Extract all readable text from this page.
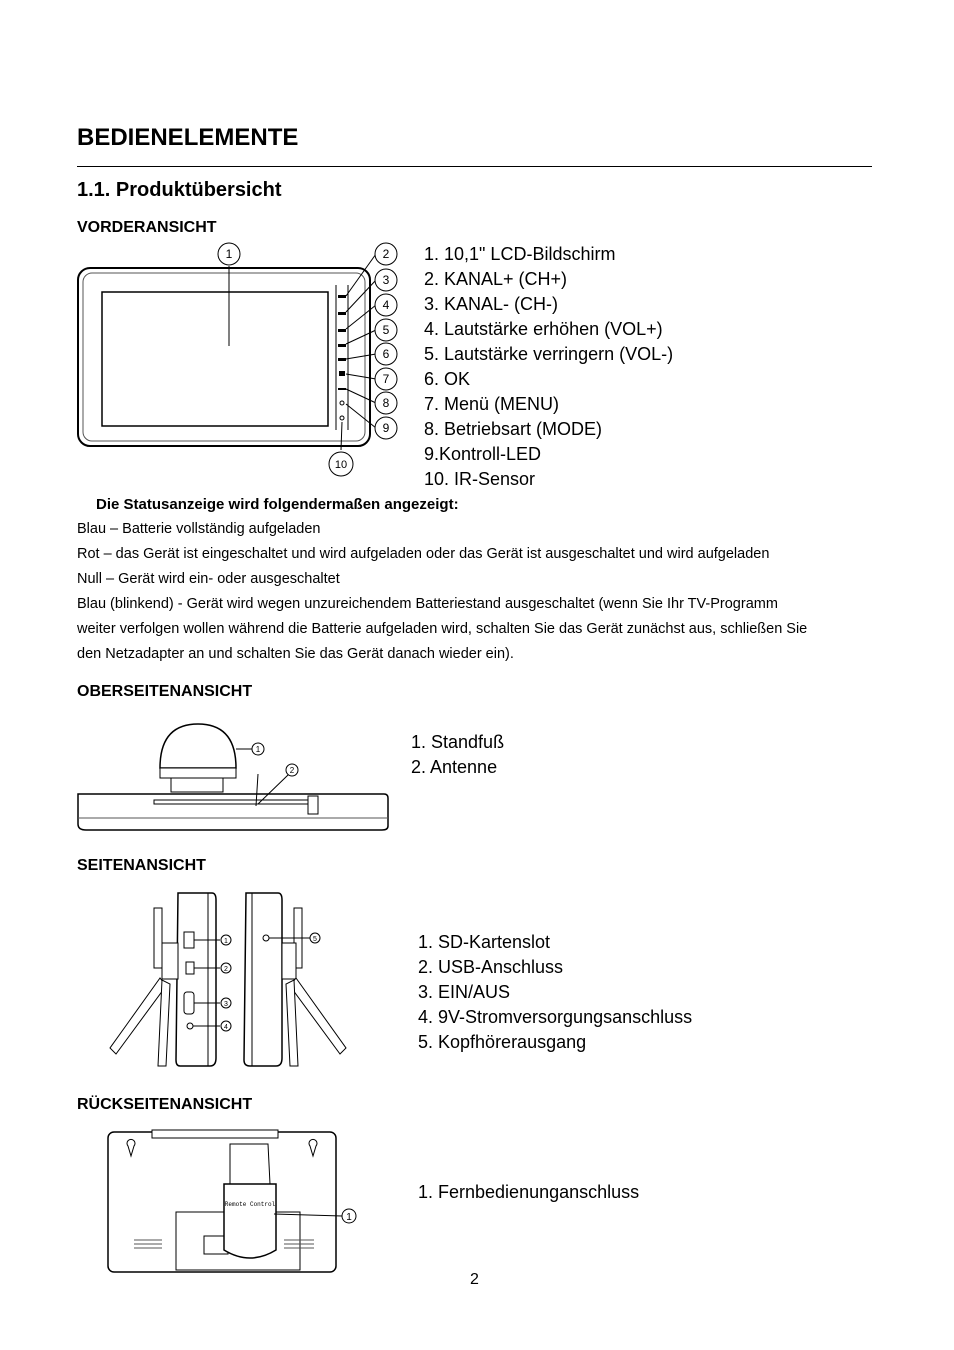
BEDIENELEMENTE
1.1. Produktübersicht
VORDERANSICHT
1	2
3
4
5
6
7
8
9
10
1. 10,1" LCD-Bildschirm
2. KANAL+ (CH+)
3. KANAL- (CH-)
4. Lautstärke erhöhen (VOL+)
5. Lautstärke verringern (VOL-)
6. OK
7. Menü (MENU)
8. Betriebsart (MODE)
9.Kontroll-LED
10. IR-Sensor
Die Statusanzeige wird folgendermaßen angezeigt:
Blau – Batterie vollständig aufgeladen
Rot – das Gerät ist eingeschaltet und wird aufgeladen oder das Gerät ist ausgeschaltet und wird aufgeladen
Null – Gerät wird ein- oder ausgeschaltet
Blau (blinkend) - Gerät wird wegen unzureichendem Batteriestand ausgeschaltet (wenn Sie Ihr TV-Programm
weiter verfolgen wollen während die Batterie aufgeladen wird, schalten Sie das Gerät zunächst aus, schließen Sie
den Netzadapter an und schalten Sie das Gerät danach wieder ein).
OBERSEITENANSICHT
1
2
1. Standfuß
2. Antenne
SEITENANSICHT
1
2
3
4
5	1. SD-Kartenslot
2. USB-Anschluss
3. EIN/AUS
4. 9V-Stromversorgungsanschluss
5. Kopfhörerausgang
RÜCKSEITENANSICHT
Remote Control
1
1. Fernbedienunganschluss
2
